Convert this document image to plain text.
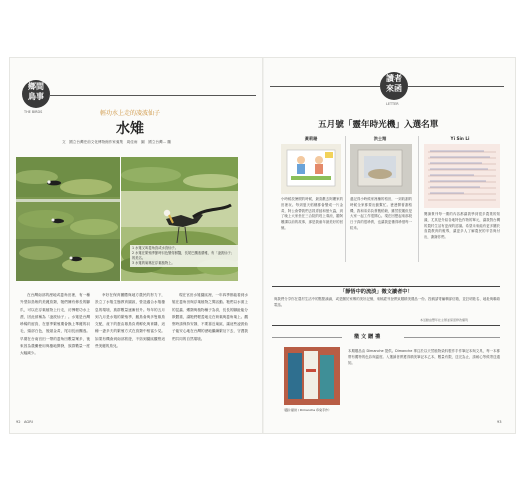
鄉間
鳥事
THE BIRDS	輕功水上走的凌波仙子
水雉
文　國立台灣史前文化博物館作家蒐集　周佳雨　圖　國立台灣... 攝
1 水雉又叫菱角鳥或水鳥仙子。
2 水雉在繁殖季節時羽色變得鮮豔，長尾巴飄逸優雅，有「凌波仙子」的美名。
3 水雉的巢築在浮葉植物上。
在台灣南部的溼地或菱角田裡，有一種外型如鳥般的美麗鳥類，牠們擁有修長的腳爪，可以在浮葉植物上行走，彷彿輕功水上漂，因此被稱為「凌波仙子」。水雉是台灣珍稀的留鳥，在夏季繁殖期會換上華麗的羽毛，頭部白色，後頸金黃，尾羽長而飄逸。早期在台南官田一帶的菱角田數量眾多，後來因為農藥使用與棲地開發，族群數量一度大幅減少。
幸好在保育團體與地方農民的努力下，設立了水雉生態教育園區，營造適合水雉棲息的環境，族群數量逐漸回升。每年的五月到九月是水雉的繁殖季，雌鳥會與多隻雄鳥交配，產下的蛋由雄鳥負責孵化與育雛，這種一妻多夫的繁殖方式在鳥類中相當少見。如果有機會到南部旅遊，不妨到園區觀察這些美麗的鳥兒。
現在官田水雉園區裡，一年四季都能看到水雉在菱角田與浮葉植物之間活動。牠們以水面上的昆蟲、螺類與植物種子為食，長長的腳趾能分散體重，讓牠們輕盈地走在荷葉與菱角葉上。觀察時請保持安靜，不要靠近巢區，讓這些凌波仙子能安心地在台灣的溼地繼續繁衍下去，守護我們共同的自然環境。
92 AGRI
讀者
來函
LETTER
五月號「靈年時光機」入選名單
黃莉珊	洪士翔	Yi Sin Li
小時候放暑假的時候，最喜歡去阿嬤家的田裡玩。每到夏天稻穗都會變成一片金黃，阿公會帶我們去抓青蛙和螢火蟲，到了晚上大家坐在三合院的埕上乘涼，聽阿嬤講以前的故事，那是我童年最美好的回憶。
還記得小時候家裡種的稻田，一到收割的時候全家都要出動幫忙。爸爸開著割稻機，我和弟弟負責搬稻穀，雖然很累但是大家一起工作很開心。現在回想起來那段日子真的很珍貴，也讓我更懂得珍惜每一粒米。
閱讀貴刊每一期的內容都讓我學到很多農業的知識，尤其是介紹各地特色作物的單元，讓我對台灣的農村生活有更深的認識。希望未來能有更多關於食農教育的報導，讓更多人了解農民的辛苦與付出，謝謝你們。
「靜悟中的流淡」徵文讀者中！
與我們分享你在農村生活中的點點滴滴，或是關於家鄉的美好記憶，來稿經刊登將致贈精美禮品一份。投稿請寄編輯部信箱，並註明姓名、地址與聯絡電話。
本活動由豐年社主辦並保留修改權利
徵 文 贈 禮
（圖片提供 / Dimanche 印染手作）
本期贈品由 Dimanche 提供。Dimanche 專注於以天然植物染料製作手作筆記本與文具，每一本都帶有獨特的色彩與溫度。入選讀者將獲得精美筆記本乙本，數量有限，送完為止，請耐心等候寄送通知。
93
